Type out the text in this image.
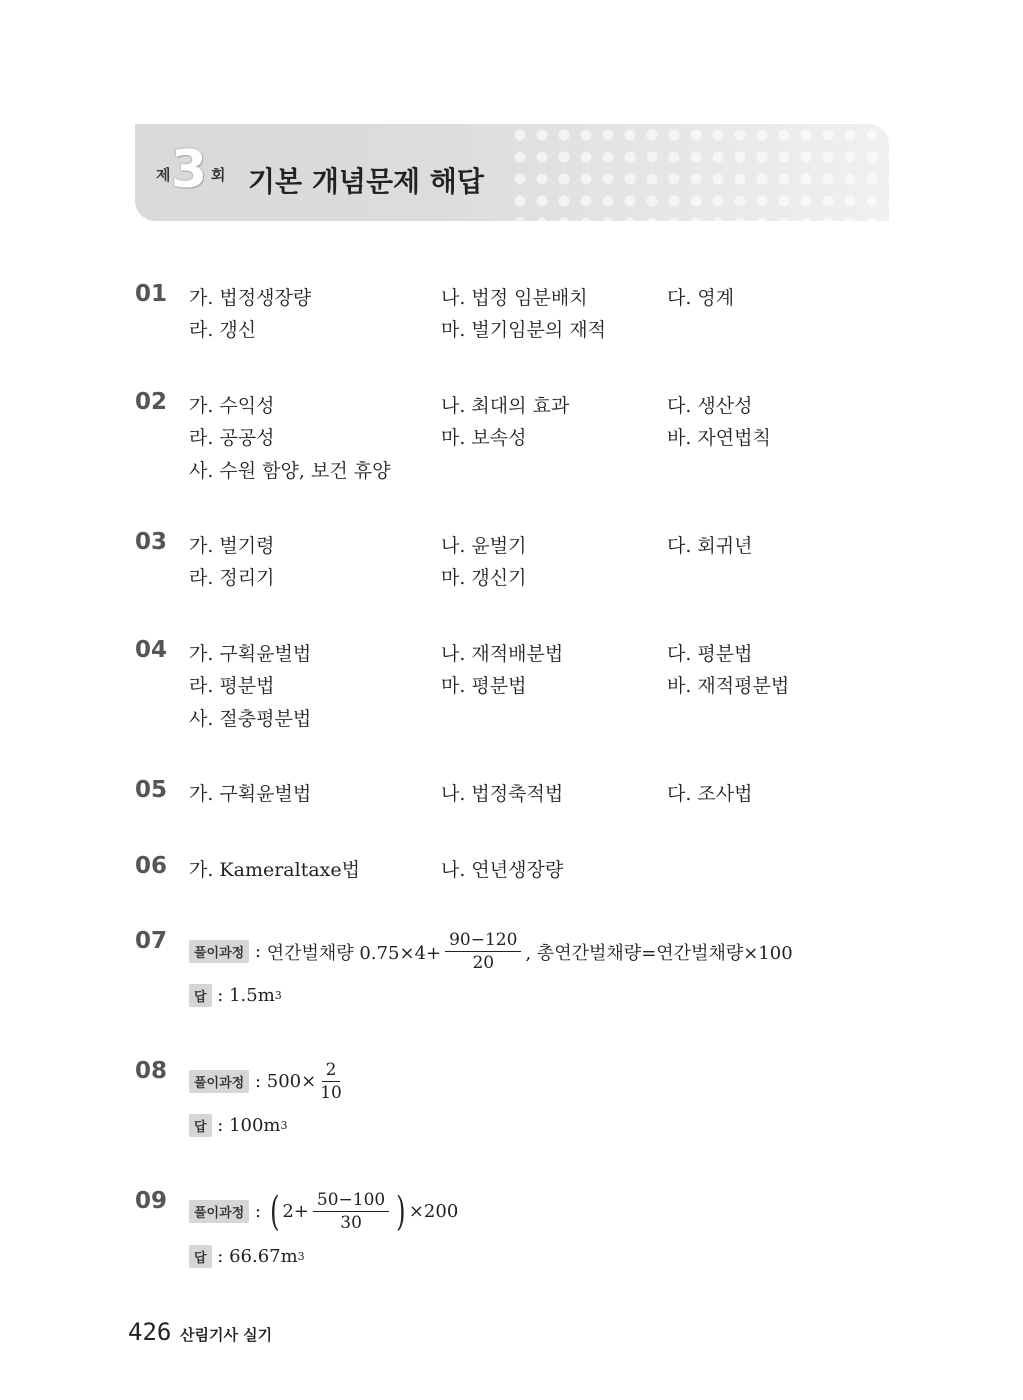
제 3 회 기본 개념문제 해답
01 가. 법정생장량	나. 법정 임분배치	다. 영계
라. 갱신	마. 벌기임분의 재적
02 가. 수익성	나. 최대의 효과	다. 생산성
라. 공공성	마. 보속성	바. 자연법칙
사. 수원 함양, 보건 휴양
03 가. 벌기령	나. 윤벌기	다. 회귀년
라. 정리기	마. 갱신기
04 가. 구획윤벌법	나. 재적배분법	다. 평분법
라. 평분법	마. 평분법	바. 재적평분법
사. 절충평분법
05 가. 구획윤벌법	나. 법정축적법	다. 조사법
06 가. Kameraltaxe법	나. 연년생장량
07	풀이과정 : 연간벌채량 $0.75\times 4+ \frac{90-120}{20}$ , 총연간벌채량=연간벌채량×100
답 : 1.5m 3
08	풀이과정 : $500\times \frac{2}{10}$
답 : 100m 3
09	풀이과정 : ( $2+ \frac{50-100}{30}$ ) ×200
답 : 66.67m 3
426 산림기사 실기
